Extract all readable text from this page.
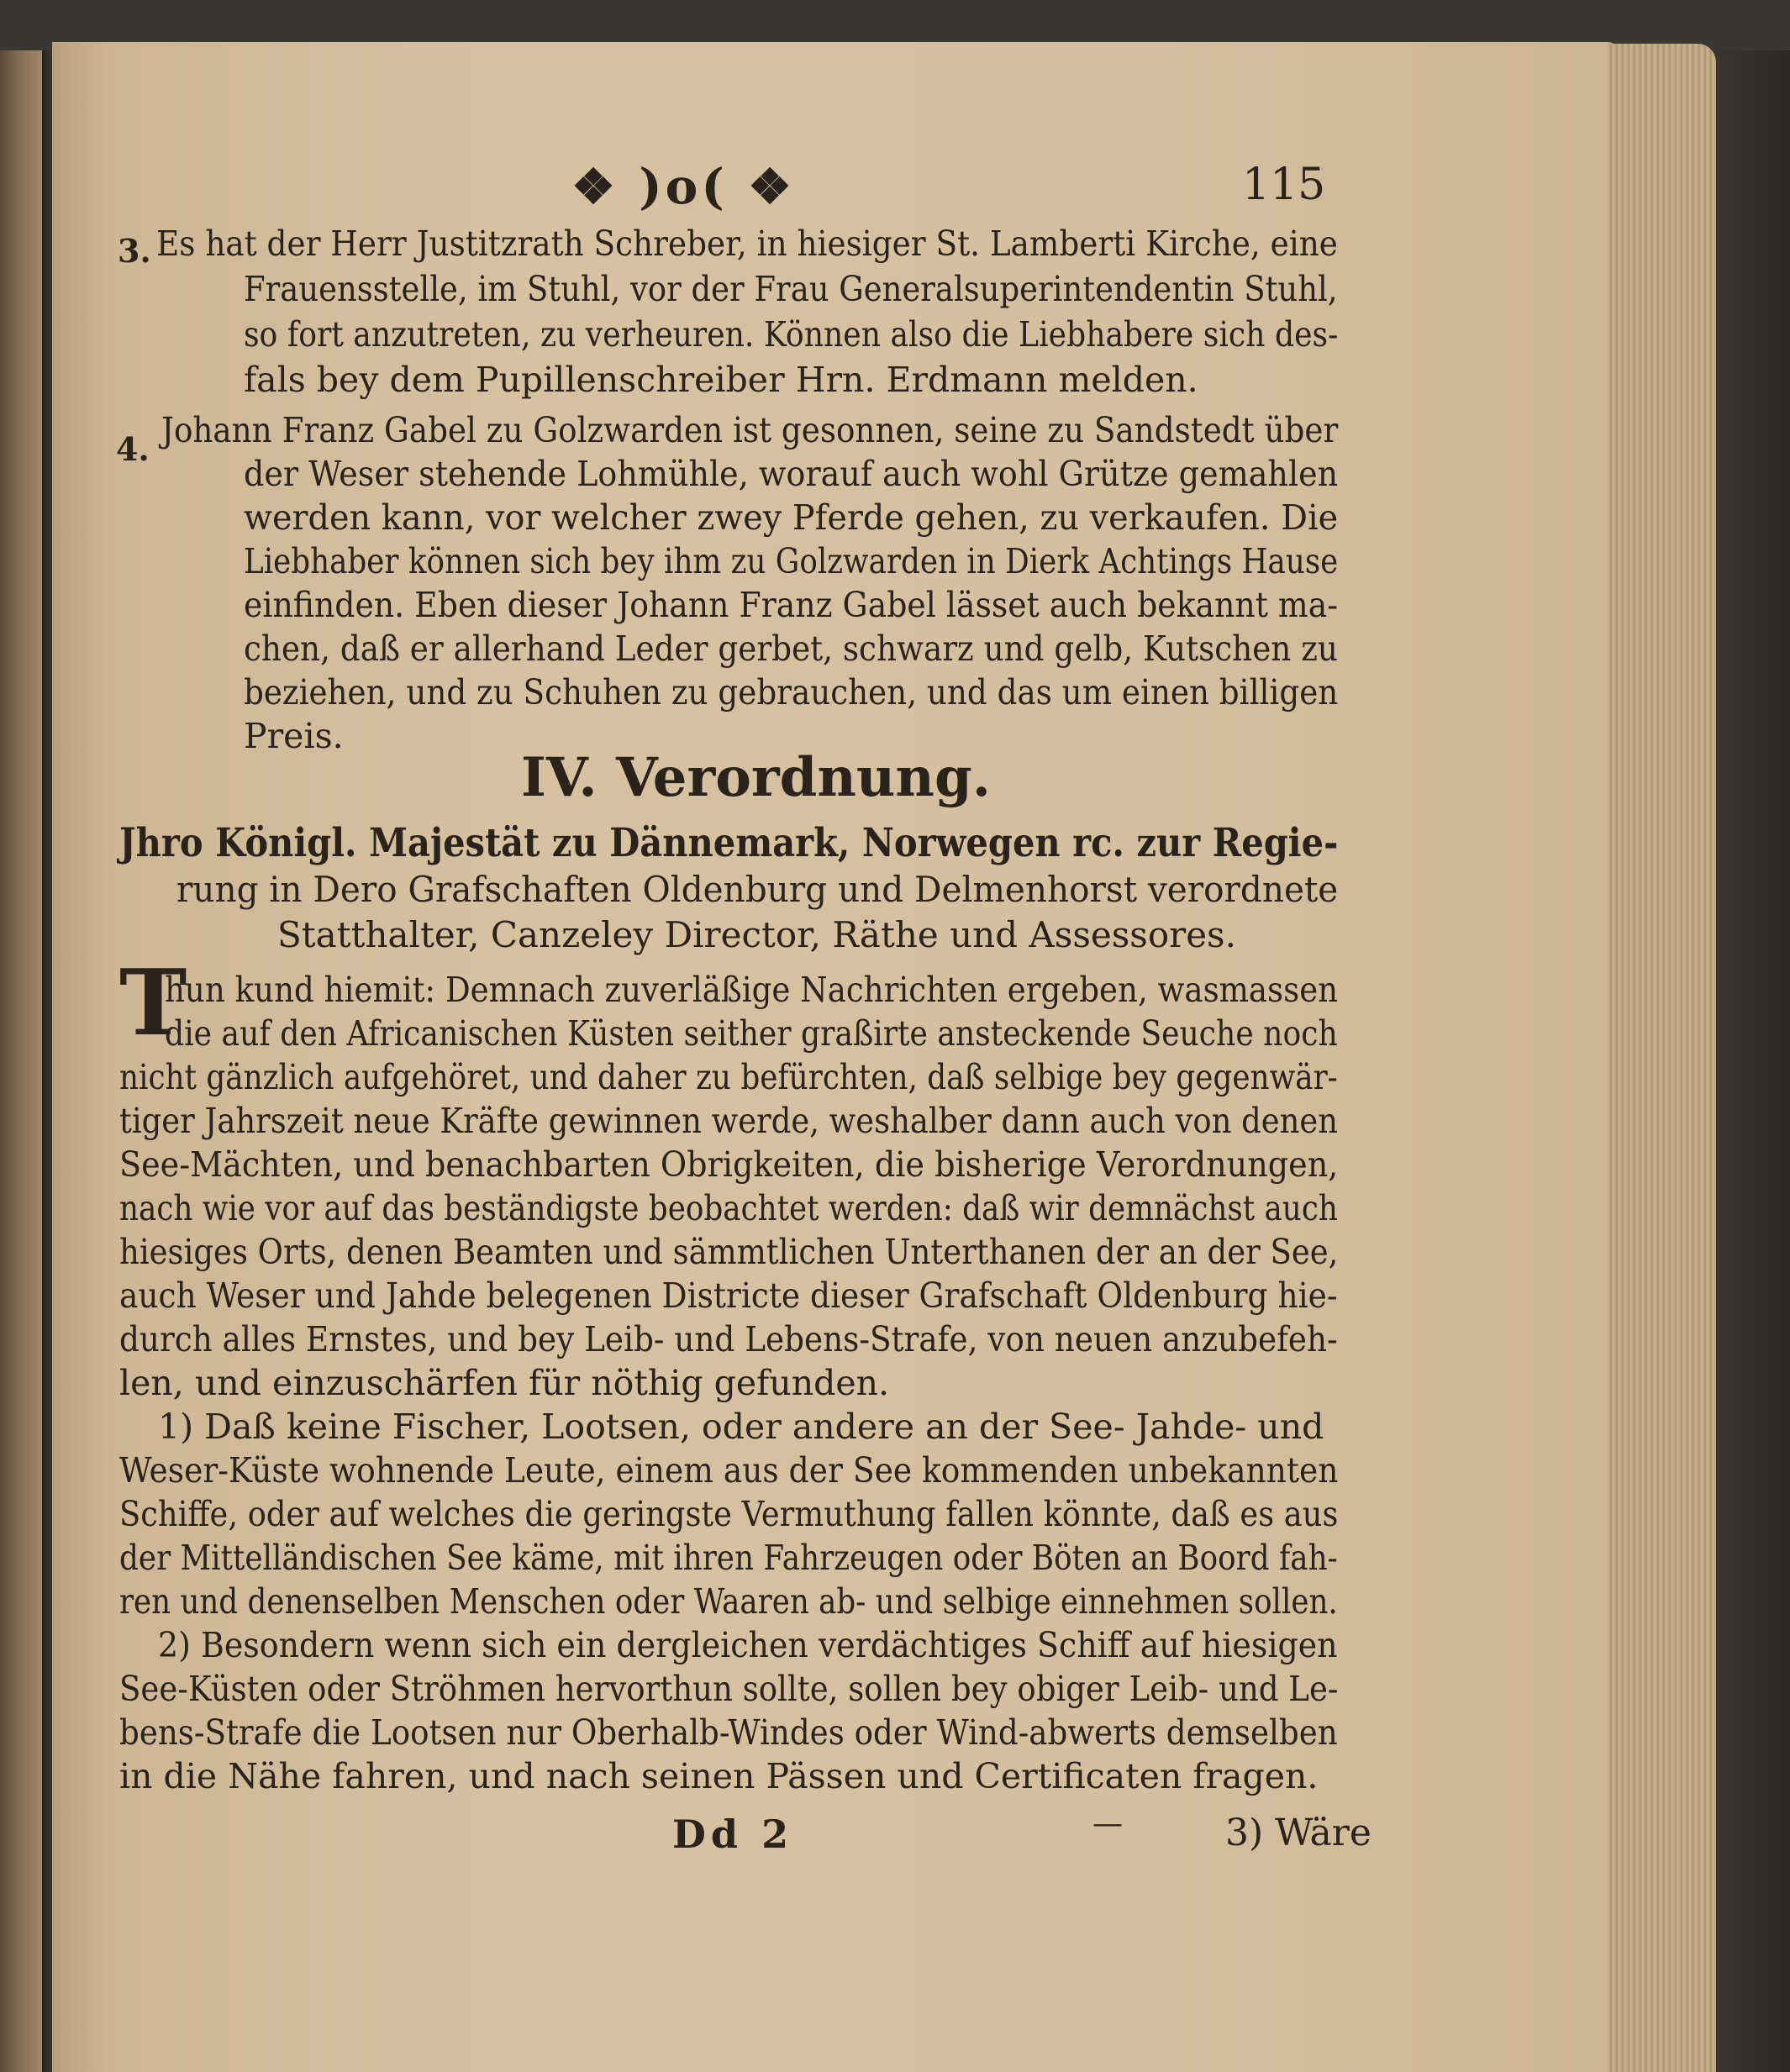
❖ )o( ❖	115
3. Es hat der Herr Justitzrath Schreber, in hiesiger St. Lamberti Kirche, eine
Frauensstelle, im Stuhl, vor der Frau Generalsuperintendentin Stuhl,
so fort anzutreten, zu verheuren. Können also die Liebhabere sich des-
fals bey dem Pupillenschreiber Hrn. Erdmann melden.
4. Johann Franz Gabel zu Golzwarden ist gesonnen, seine zu Sandstedt über
der Weser stehende Lohmühle, worauf auch wohl Grütze gemahlen
werden kann, vor welcher zwey Pferde gehen, zu verkaufen. Die
Liebhaber können sich bey ihm zu Golzwarden in Dierk Achtings Hause
einfinden. Eben dieser Johann Franz Gabel lässet auch bekannt ma-
chen, daß er allerhand Leder gerbet, schwarz und gelb, Kutschen zu
beziehen, und zu Schuhen zu gebrauchen, und das um einen billigen
Preis.
IV. Verordnung.
Jhro Königl. Majestät zu Dännemark, Norwegen rc. zur Regie-
rung in Dero Grafschaften Oldenburg und Delmenhorst verordnete
Statthalter, Canzeley Director, Räthe und Assessores.
T
hun kund hiemit: Demnach zuverläßige Nachrichten ergeben, wasmassen
die auf den Africanischen Küsten seither graßirte ansteckende Seuche noch
nicht gänzlich aufgehöret, und daher zu befürchten, daß selbige bey gegenwär-
tiger Jahrszeit neue Kräfte gewinnen werde, weshalber dann auch von denen
See-Mächten, und benachbarten Obrigkeiten, die bisherige Verordnungen,
nach wie vor auf das beständigste beobachtet werden: daß wir demnächst auch
hiesiges Orts, denen Beamten und sämmtlichen Unterthanen der an der See,
auch Weser und Jahde belegenen Districte dieser Grafschaft Oldenburg hie-
durch alles Ernstes, und bey Leib- und Lebens-Strafe, von neuen anzubefeh-
len, und einzuschärfen für nöthig gefunden.
1) Daß keine Fischer, Lootsen, oder andere an der See- Jahde- und
Weser-Küste wohnende Leute, einem aus der See kommenden unbekannten
Schiffe, oder auf welches die geringste Vermuthung fallen könnte, daß es aus
der Mittelländischen See käme, mit ihren Fahrzeugen oder Böten an Boord fah-
ren und denenselben Menschen oder Waaren ab- und selbige einnehmen sollen.
2) Besondern wenn sich ein dergleichen verdächtiges Schiff auf hiesigen
See-Küsten oder Ströhmen hervorthun sollte, sollen bey obiger Leib- und Le-
bens-Strafe die Lootsen nur Oberhalb-Windes oder Wind-abwerts demselben
in die Nähe fahren, und nach seinen Pässen und Certificaten fragen.
Dd 2	—	3) Wäre
